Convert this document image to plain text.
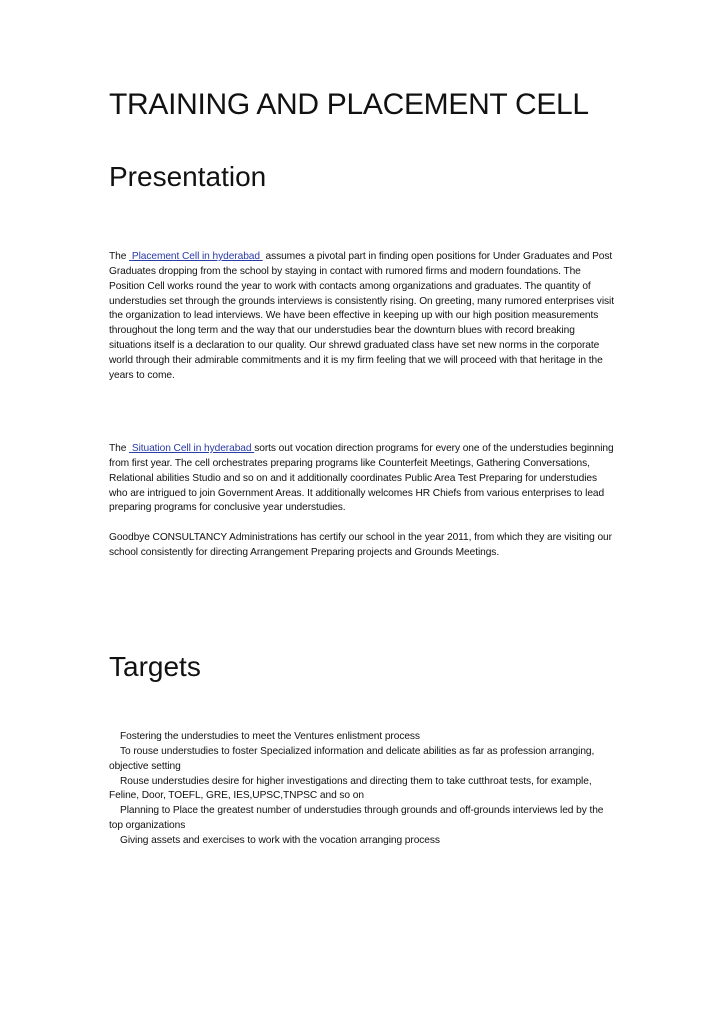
TRAINING AND PLACEMENT CELL
Presentation

The Placement Cell in hyderabad assumes a pivotal part in finding open positions for Under Graduates and Post Graduates dropping from the school by staying in contact with rumored firms and modern foundations. The Position Cell works round the year to work with contacts among organizations and graduates. The quantity of understudies set through the grounds interviews is consistently rising. On greeting, many rumored enterprises visit the organization to lead interviews. We have been effective in keeping up with our high position measurements throughout the long term and the way that our understudies bear the downturn blues with record breaking situations itself is a declaration to our quality. Our shrewd graduated class have set new norms in the corporate world through their admirable commitments and it is my firm feeling that we will proceed with that heritage in the years to come.

The Situation Cell in hyderabad sorts out vocation direction programs for every one of the understudies beginning from first year. The cell orchestrates preparing programs like Counterfeit Meetings, Gathering Conversations, Relational abilities Studio and so on and it additionally coordinates Public Area Test Preparing for understudies who are intrigued to join Government Areas. It additionally welcomes HR Chiefs from various enterprises to lead preparing programs for conclusive year understudies.

Goodbye CONSULTANCY Administrations has certify our school in the year 2011, from which they are visiting our school consistently for directing Arrangement Preparing projects and Grounds Meetings.

Targets
Fostering the understudies to meet the Ventures enlistment process
To rouse understudies to foster Specialized information and delicate abilities as far as profession arranging, objective setting
Rouse understudies desire for higher investigations and directing them to take cutthroat tests, for example, Feline, Door, TOEFL, GRE, IES,UPSC,TNPSC and so on
Planning to Place the greatest number of understudies through grounds and off-grounds interviews led by the top organizations
Giving assets and exercises to work with the vocation arranging process
